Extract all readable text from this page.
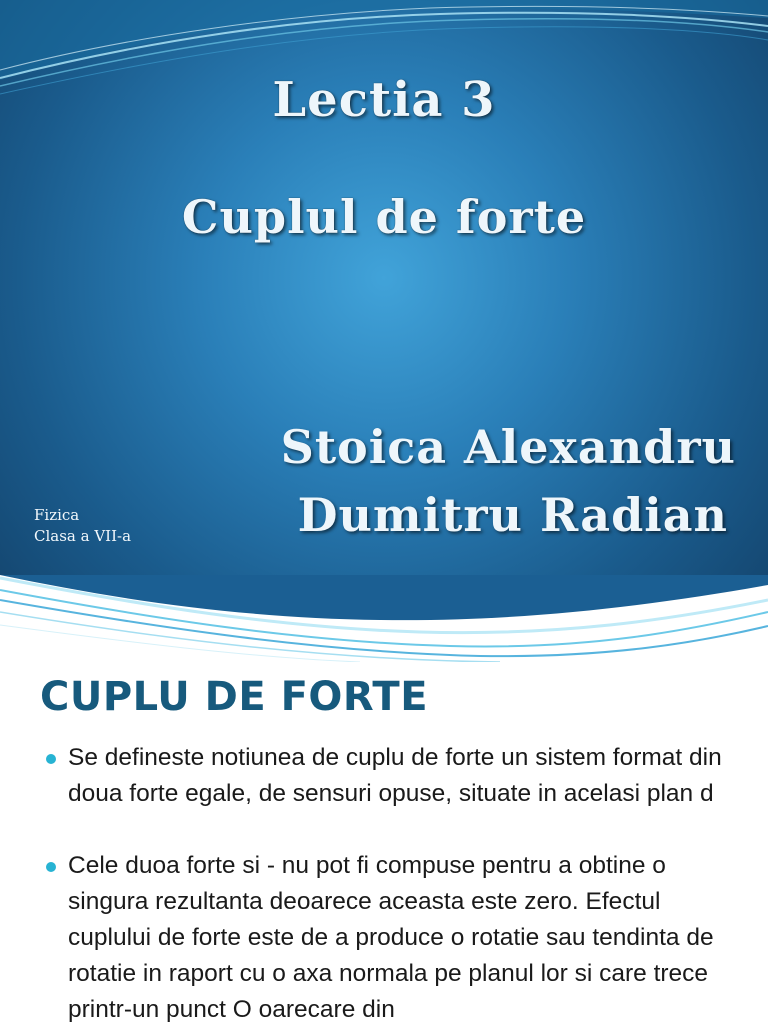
Lectia 3
Cuplul de forte
Stoica Alexandru
Dumitru Radian
Fizica
Clasa a VII-a
CUPLU DE FORTE
Se defineste notiunea de cuplu de forte un sistem format din doua forte egale, de sensuri opuse, situate in acelasi plan d
Cele duoa forte si - nu pot fi compuse pentru a obtine o singura rezultanta deoarece aceasta este zero. Efectul cuplului de forte este de a produce o rotatie sau tendinta de rotatie in raport cu o axa normala pe planul lor si care trece printr-un punct O oarecare din
